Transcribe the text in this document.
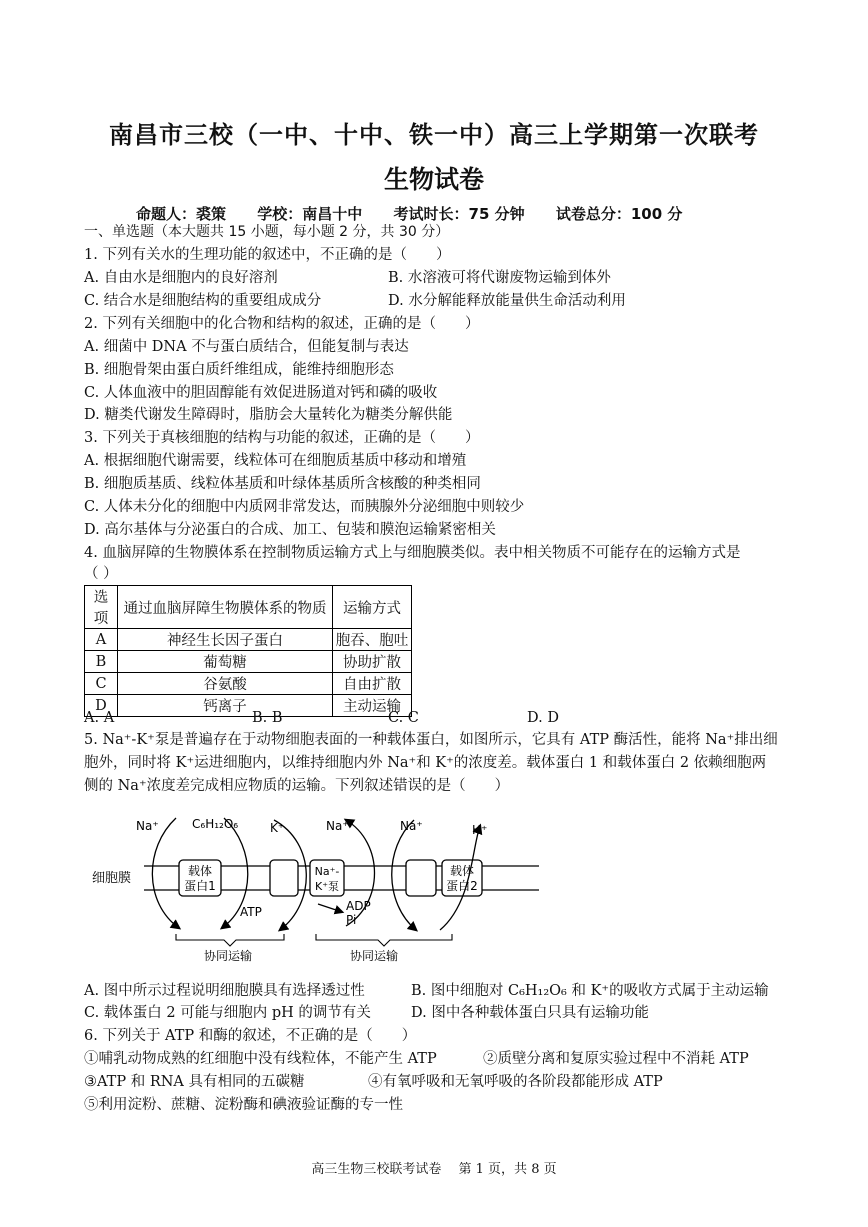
南昌市三校（一中、十中、铁一中）高三上学期第一次联考
生物试卷
命题人：裘策 学校：南昌十中 考试时长：75 分钟 试卷总分：100 分
一、单选题（本大题共 15 小题，每小题 2 分，共 30 分）
1. 下列有关水的生理功能的叙述中，不正确的是（　　）
A. 自由水是细胞内的良好溶剂	B. 水溶液可将代谢废物运输到体外
C. 结合水是细胞结构的重要组成成分	D. 水分解能释放能量供生命活动利用
2. 下列有关细胞中的化合物和结构的叙述，正确的是（　　）
A. 细菌中 DNA 不与蛋白质结合，但能复制与表达
B. 细胞骨架由蛋白质纤维组成，能维持细胞形态
C. 人体血液中的胆固醇能有效促进肠道对钙和磷的吸收
D. 糖类代谢发生障碍时，脂肪会大量转化为糖类分解供能
3. 下列关于真核细胞的结构与功能的叙述，正确的是（　　）
A. 根据细胞代谢需要，线粒体可在细胞质基质中移动和增殖
B. 细胞质基质、线粒体基质和叶绿体基质所含核酸的种类相同
C. 人体未分化的细胞中内质网非常发达，而胰腺外分泌细胞中则较少
D. 高尔基体与分泌蛋白的合成、加工、包装和膜泡运输紧密相关
4. 血脑屏障的生物膜体系在控制物质运输方式上与细胞膜类似。表中相关物质不可能存在的运输方式是
（ ）
选项	通过血脑屏障生物膜体系的物质	运输方式
A	神经生长因子蛋白	胞吞、胞吐
B	葡萄糖	协助扩散
C	谷氨酸	自由扩散
D	钙离子	主动运输
A. A	B. B	C. C	D. D
5. Na⁺-K⁺泵是普遍存在于动物细胞表面的一种载体蛋白，如图所示，它具有 ATP 酶活性，能将 Na⁺排出细
胞外，同时将 K⁺运进细胞内，以维持细胞内外 Na⁺和 K⁺的浓度差。载体蛋白 1 和载体蛋白 2 依赖细胞两
侧的 Na⁺浓度差完成相应物质的运输。下列叙述错误的是（　　）
细胞膜	载体
蛋白1
Na⁺	C₆H₁₂O₆	K⁺
ATP
Na⁺-
K⁺泵
Na⁺
ADP
Pi
Na⁺
载体
蛋白2
H⁺
协同运输	协同运输
A. 图中所示过程说明细胞膜具有选择透过性	B. 图中细胞对 C₆H₁₂O₆ 和 K⁺的吸收方式属于主动运输
C. 载体蛋白 2 可能与细胞内 pH 的调节有关	D. 图中各种载体蛋白只具有运输功能
6. 下列关于 ATP 和酶的叙述，不正确的是（　　）
①哺乳动物成熟的红细胞中没有线粒体，不能产生 ATP	②质壁分离和复原实验过程中不消耗 ATP
③ATP 和 RNA 具有相同的五碳糖	④有氧呼吸和无氧呼吸的各阶段都能形成 ATP
⑤利用淀粉、蔗糖、淀粉酶和碘液验证酶的专一性
高三生物三校联考试卷　 第 1 页，共 8 页
